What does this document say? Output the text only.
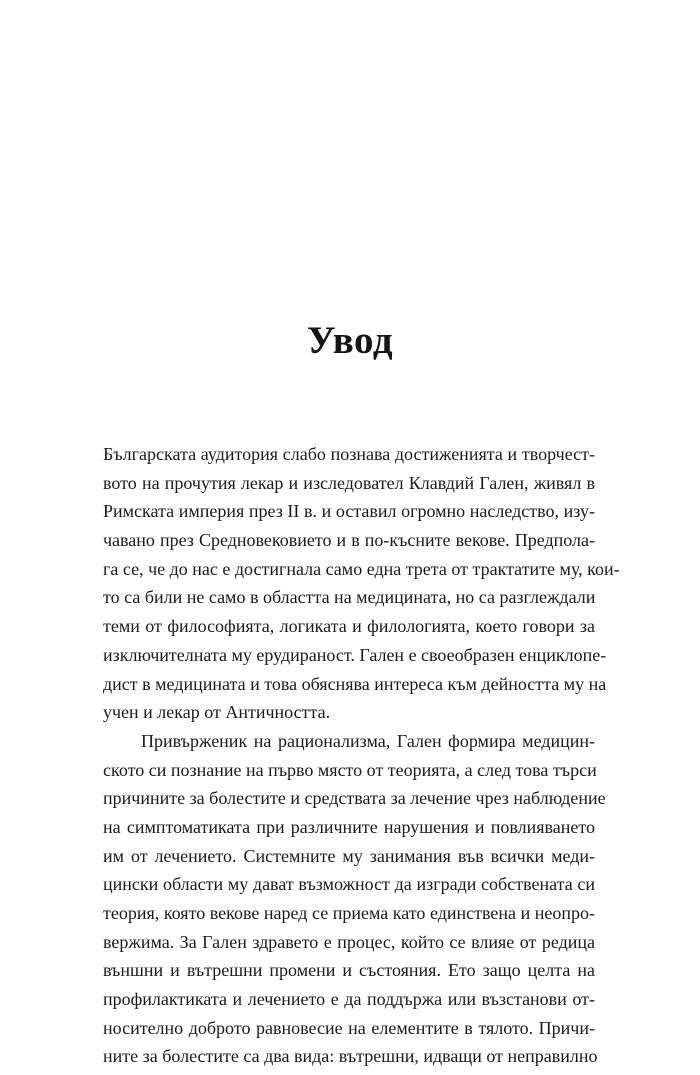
Увод
Българската аудитория слабо познава достиженията и творчест-
вото на прочутия лекар и изследовател Клавдий Гален, живял в
Римската империя през II в. и оставил огромно наследство, изу-
чавано през Средновековието и в по-късните векове. Предпола-
га се, че до нас е достигнала само една трета от трактатите му, кои-
то са били не само в областта на медицината, но са разглеждали
теми от философията, логиката и филологията, което говори за
изключителната му ерудираност. Гален е своеобразен енциклопе-
дист в медицината и това обяснява интереса към дейността му на
учен и лекар от Античността.
Привърженик на рационализма, Гален формира медицин-
ското си познание на първо място от теорията, а след това търси
причините за болестите и средствата за лечение чрез наблюдение
на симптоматиката при различните нарушения и повлияването
им от лечението. Системните му занимания във всички меди-
цински области му дават възможност да изгради собствената си
теория, която векове наред се приема като единствена и неопро-
вержима. За Гален здравето е процес, който се влияе от редица
външни и вътрешни промени и състояния. Ето защо целта на
профилактиката и лечението е да поддържа или възстанови от-
носително доброто равновесие на елементите в тялото. Причи-
ните за болестите са два вида: вътрешни, идващи от неправилно
